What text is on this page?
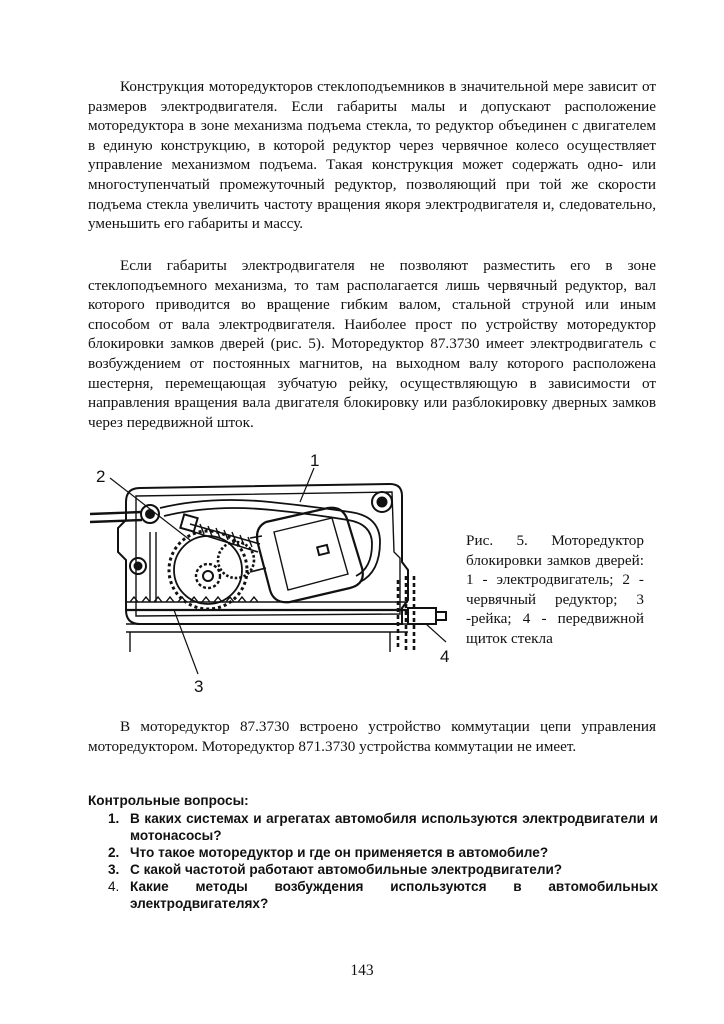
Конструкция моторедукторов стеклоподъемников в значительной мере зависит от размеров электродвигателя. Если габариты малы и допускают расположение моторедуктора в зоне механизма подъема стекла, то редуктор объединен с двигателем в единую конструкцию, в которой редуктор черeз червячное колесо осуществляет управление механизмом подъема. Такая конструкция может содержать одно- или многоступенчатый промежуточный редуктор, позволяющий при той же скорости подъема стекла увеличить частоту вращения якоря электродвигателя и, следовательно, уменьшить его габариты и массу.

Если габариты электродвигателя не позволяют разместить его в зоне стеклоподъемного механизма, то там располагается лишь червячный редуктор, вал которого приводится во вращение гибким валом, стальной струной или иным способом от вала электродвигателя. Наиболее прост по устройству моторедуктор блокировки замков дверей (рис. 5). Моторедуктор 87.3730 имеет электродвигатель с возбуждением от постоянных магнитов, на выходном валу которого расположена шестерня, перемещающая зубчатую рейку, осуществляющую в зависимости от направления вращения вала двигателя блокировку или разблокировку дверных замков через передвижной шток.

1
2
3
4

Рис. 5. Моторедуктор блокировки замков дверей: 1 - электродвигатель; 2 - червячный редуктор; 3 -рейка; 4 - передвижной щиток стекла

В моторедуктор 87.3730 встроено устройство коммутации цепи управления моторедуктором. Моторедуктор 871.3730 устройства коммутации не имеет.

Контрольные вопросы:

1. В каких системах и агрегатах автомобиля используются электродвигатели и мотонасосы?
2. Что такое моторедуктор и где он применяется в автомобиле?
3. С какой частотой работают автомобильные электродвигатели?
4. Какие методы возбуждения используются в автомобильных электродвигателях?
143
